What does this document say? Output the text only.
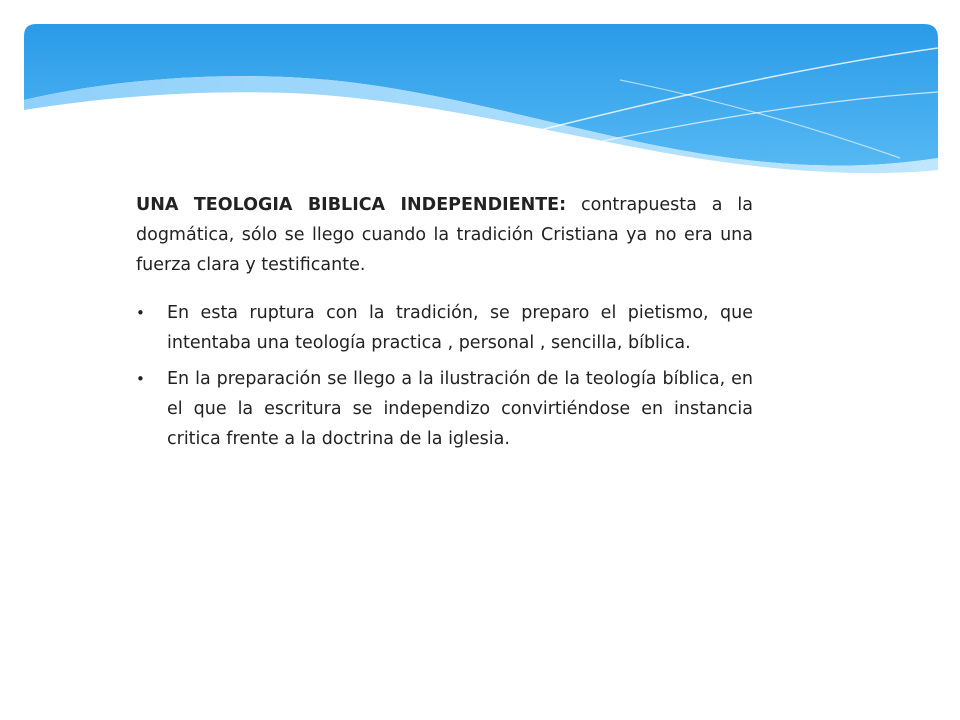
UNA TEOLOGIA BIBLICA INDEPENDIENTE: contrapuesta a la dogmática, sólo se llego cuando la tradición Cristiana ya no era una fuerza clara y testificante.

• En esta ruptura con la tradición, se preparo el pietismo, que intentaba una teología practica , personal , sencilla, bíblica.
• En la preparación se llego a la ilustración de la teología bíblica, en el que la escritura se independizo convirtiéndose en instancia critica frente a la doctrina de la iglesia.
